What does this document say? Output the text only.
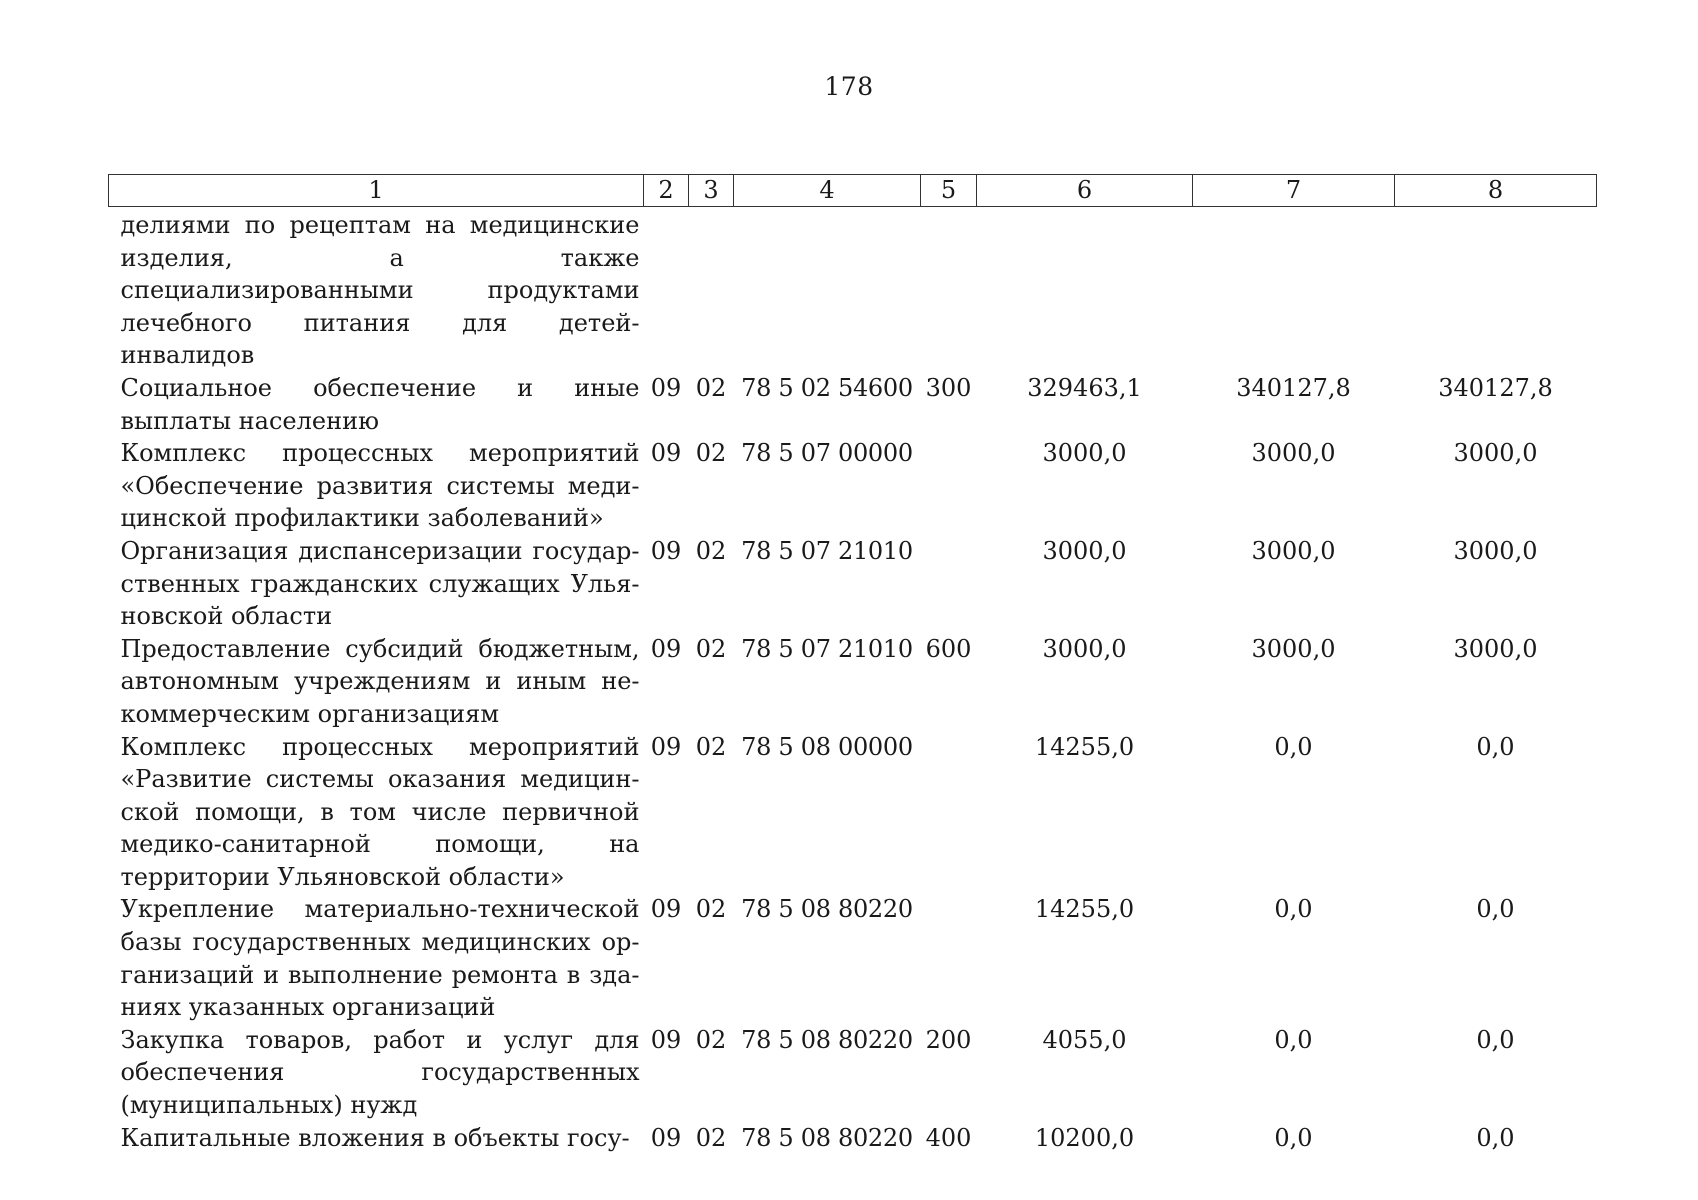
178
1	2	3	4	5	6	7	8
делиями по рецептам на медицинские изделия, а также специализированными продуктами лечебного питания для детей-инвалидов							
Социальное обеспечение и иные выплаты населению	09	02	78 5 02 54600	300	329463,1	340127,8	340127,8
Комплекс процессных мероприятий «Обеспечение развития системы медицинской профилактики заболеваний»	09	02	78 5 07 00000		3000,0	3000,0	3000,0
Организация диспансеризации государственных гражданских служащих Ульяновской области	09	02	78 5 07 21010		3000,0	3000,0	3000,0
Предоставление субсидий бюджетным, автономным учреждениям и иным некоммерческим организациям	09	02	78 5 07 21010	600	3000,0	3000,0	3000,0
Комплекс процессных мероприятий «Развитие системы оказания медицинской помощи, в том числе первичной медико-санитарной помощи, на территории Ульяновской области»	09	02	78 5 08 00000		14255,0	0,0	0,0
Укрепление материально-технической базы государственных медицинских организаций и выполнение ремонта в зданиях указанных организаций	09	02	78 5 08 80220		14255,0	0,0	0,0
Закупка товаров, работ и услуг для обеспечения государственных (муниципальных) нужд	09	02	78 5 08 80220	200	4055,0	0,0	0,0
Капитальные вложения в объекты госу-	09	02	78 5 08 80220	400	10200,0	0,0	0,0
